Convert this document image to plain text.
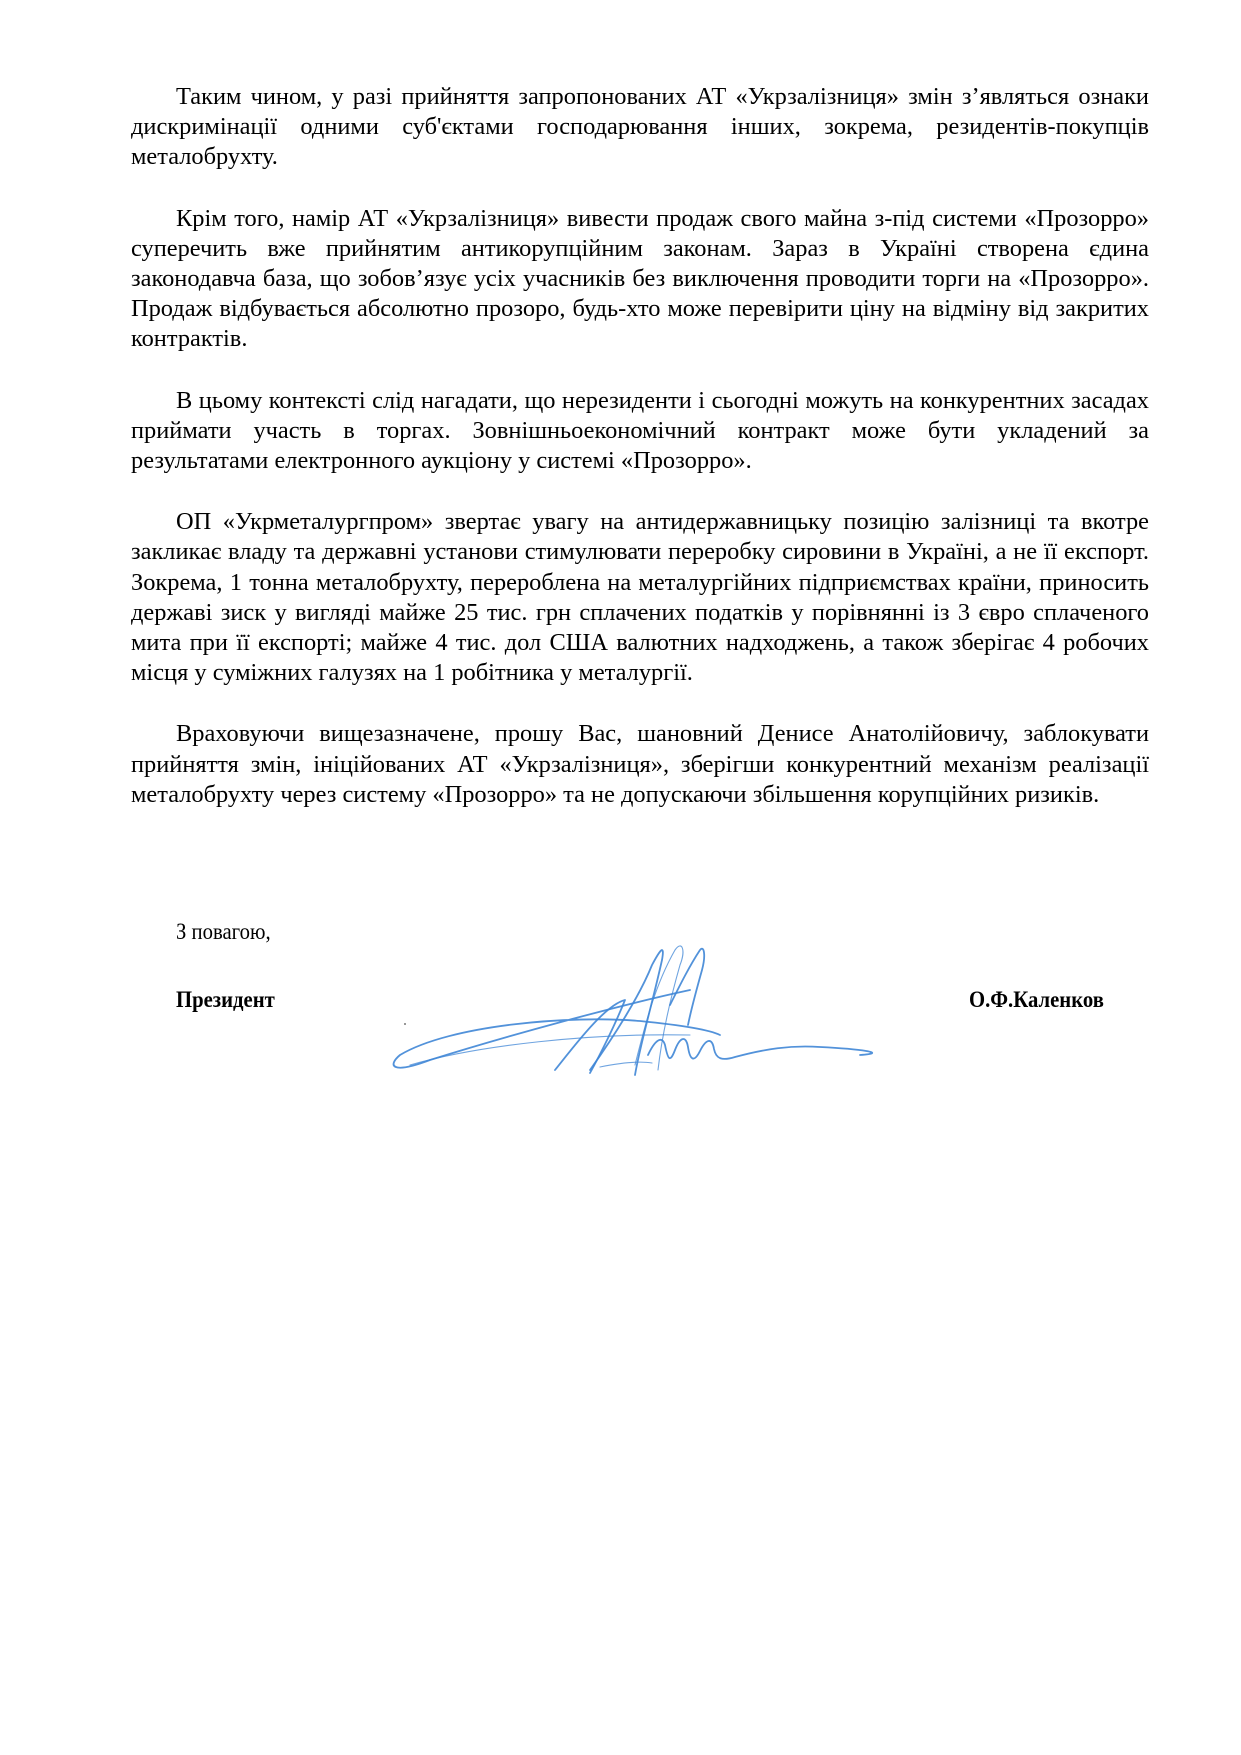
Таким чином, у разі прийняття запропонованих АТ «Укрзалізниця» змін з’являться ознаки дискримінації одними суб'єктами господарювання інших, зокрема, резидентів-покупців металобрухту.

Крім того, намір АТ «Укрзалізниця» вивести продаж свого майна з-під системи «Прозорро» суперечить вже прийнятим антикорупційним законам. Зараз в Україні створена єдина законодавча база, що зобов’язує усіх учасників без виключення проводити торги на «Прозорро». Продаж відбувається абсолютно прозоро, будь-хто може перевірити ціну на відміну від закритих контрактів.

В цьому контексті слід нагадати, що нерезиденти і сьогодні можуть на конкурентних засадах приймати участь в торгах. Зовнішньоекономічний контракт може бути укладений за результатами електронного аукціону у системі «Прозорро».

ОП «Укрметалургпром» звертає увагу на антидержавницьку позицію залізниці та вкотре закликає владу та державні установи стимулювати переробку сировини в Україні, а не її експорт. Зокрема, 1 тонна металобрухту, перероблена на металургійних підприємствах країни, приносить державі зиск у вигляді майже 25 тис. грн сплачених податків у порівнянні із 3 євро сплаченого мита при її експорті; майже 4 тис. дол США валютних надходжень, а також зберігає 4 робочих місця у суміжних галузях на 1 робітника у металургії.

Враховуючи вищезазначене, прошу Вас, шановний Денисе Анатолійовичу, заблокувати прийняття змін, ініційованих АТ «Укрзалізниця», зберігши конкурентний механізм реалізації металобрухту через систему «Прозорро» та не допускаючи збільшення корупційних ризиків.

З повагою,

Президент	О.Ф.Каленков
